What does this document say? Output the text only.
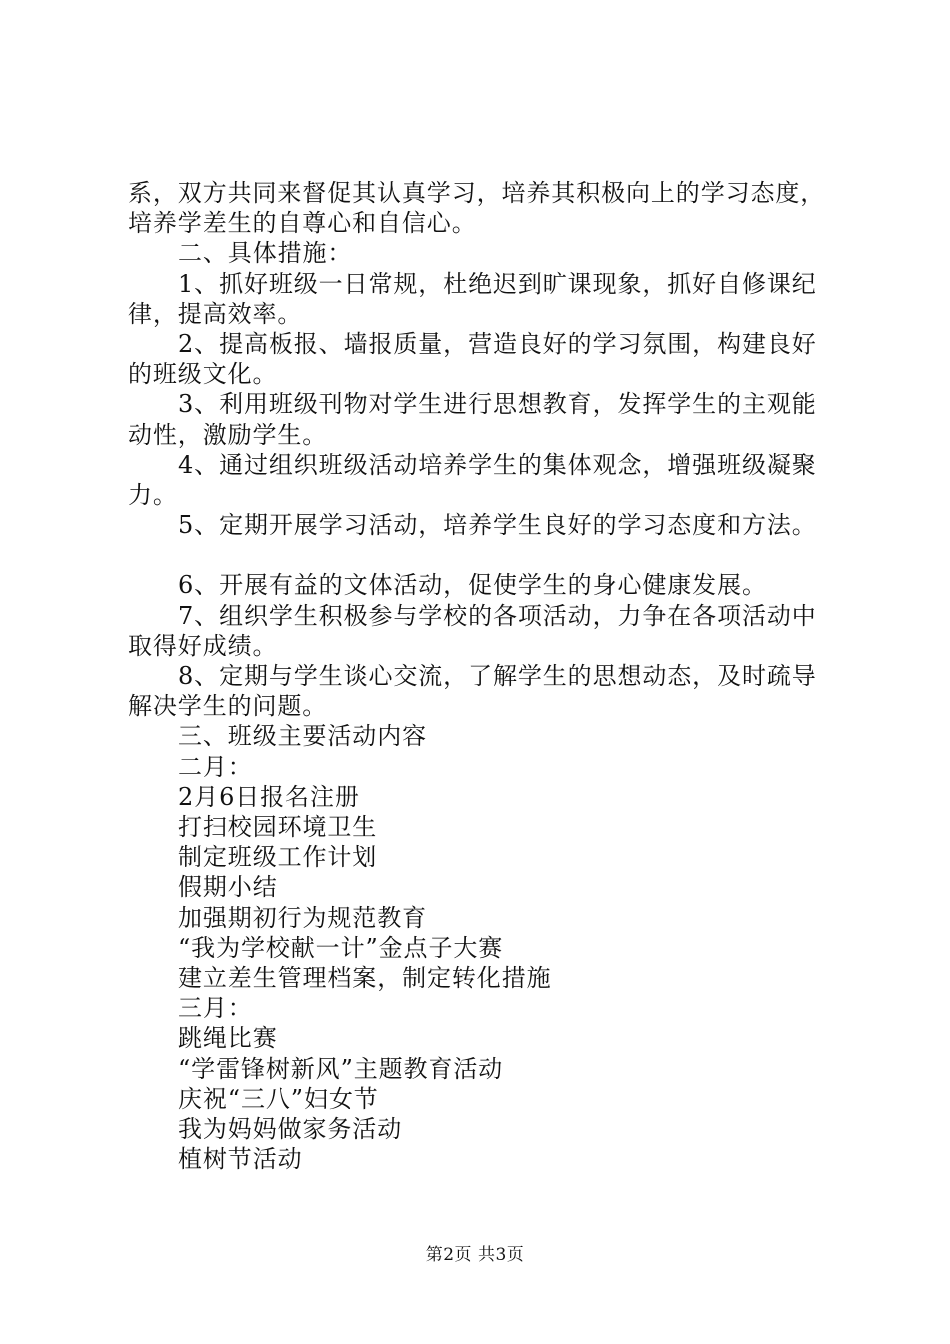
系，双方共同来督促其认真学习，培养其积极向上的学习态度，培养学差生的自尊心和自信心。

二、具体措施：

1、抓好班级一日常规，杜绝迟到旷课现象，抓好自修课纪律，提高效率。

2、提高板报、墙报质量，营造良好的学习氛围，构建良好的班级文化。

3、利用班级刊物对学生进行思想教育，发挥学生的主观能动性，激励学生。

4、通过组织班级活动培养学生的集体观念，增强班级凝聚力。

5、定期开展学习活动，培养学生良好的学习态度和方法。

6、开展有益的文体活动，促使学生的身心健康发展。

7、组织学生积极参与学校的各项活动，力争在各项活动中取得好成绩。

8、定期与学生谈心交流，了解学生的思想动态，及时疏导解决学生的问题。

三、班级主要活动内容

二月：

2月6日报名注册

打扫校园环境卫生

制定班级工作计划

假期小结

加强期初行为规范教育

“我为学校献一计”金点子大赛

建立差生管理档案，制定转化措施

三月：

跳绳比赛

“学雷锋树新风”主题教育活动

庆祝“三八”妇女节

我为妈妈做家务活动

植树节活动

第2页 共3页
